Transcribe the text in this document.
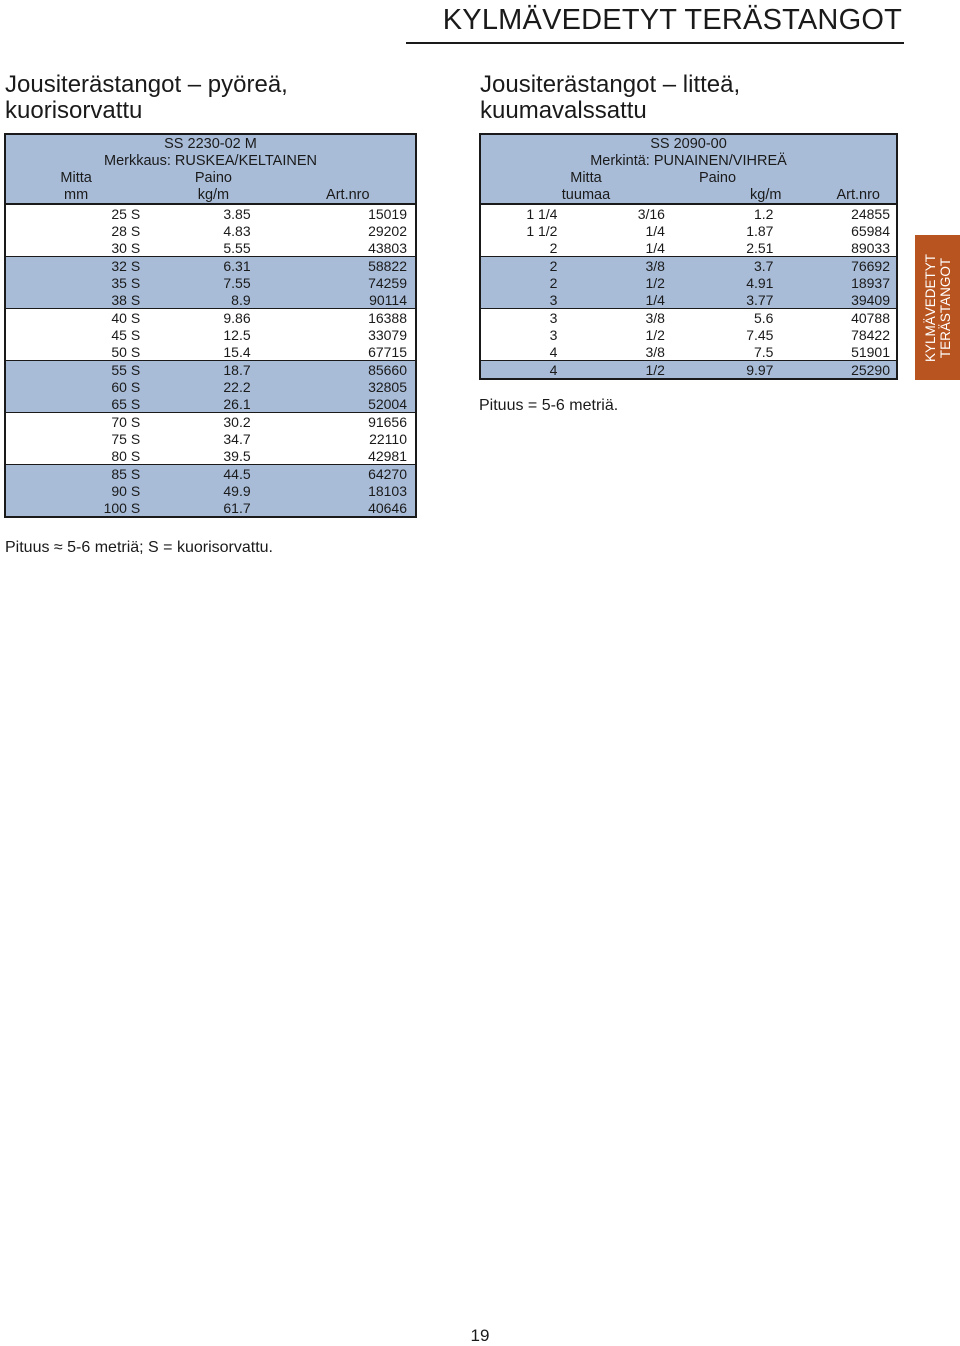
KYLMÄVEDETYT TERÄSTANGOT
KYLMÄVEDETYT TERÄSTANGOT
Jousiterästangot – pyöreä,
kuorisorvattu
SS 2230-02 M		
Merkkaus: RUSKEA/KELTAINEN		
Mitta	Paino	
mm	kg/m	Art.nro
25 S	3.85	15019
28 S	4.83	29202
30 S	5.55	43803
32 S	6.31	58822
35 S	7.55	74259
38 S	8.9	90114
40 S	9.86	16388
45 S	12.5	33079
50 S	15.4	67715
55 S	18.7	85660
60 S	22.2	32805
65 S	26.1	52004
70 S	30.2	91656
75 S	34.7	22110
80 S	39.5	42981
85 S	44.5	64270
90 S	49.9	18103
100 S	61.7	40646
Pituus ≈ 5-6 metriä; S = kuorisorvattu.
Jousiterästangot – litteä,
kuumavalssattu
SS 2090-00			
Merkintä: PUNAINEN/VIHREÄ			
Mitta		Paino	
tuumaa		kg/m	Art.nro
1 1/4	3/16	1.2	24855
1 1/2	1/4	1.87	65984
2	1/4	2.51	89033
2	3/8	3.7	76692
2	1/2	4.91	18937
3	1/4	3.77	39409
3	3/8	5.6	40788
3	1/2	7.45	78422
4	3/8	7.5	51901
4	1/2	9.97	25290
Pituus = 5-6 metriä.
19
